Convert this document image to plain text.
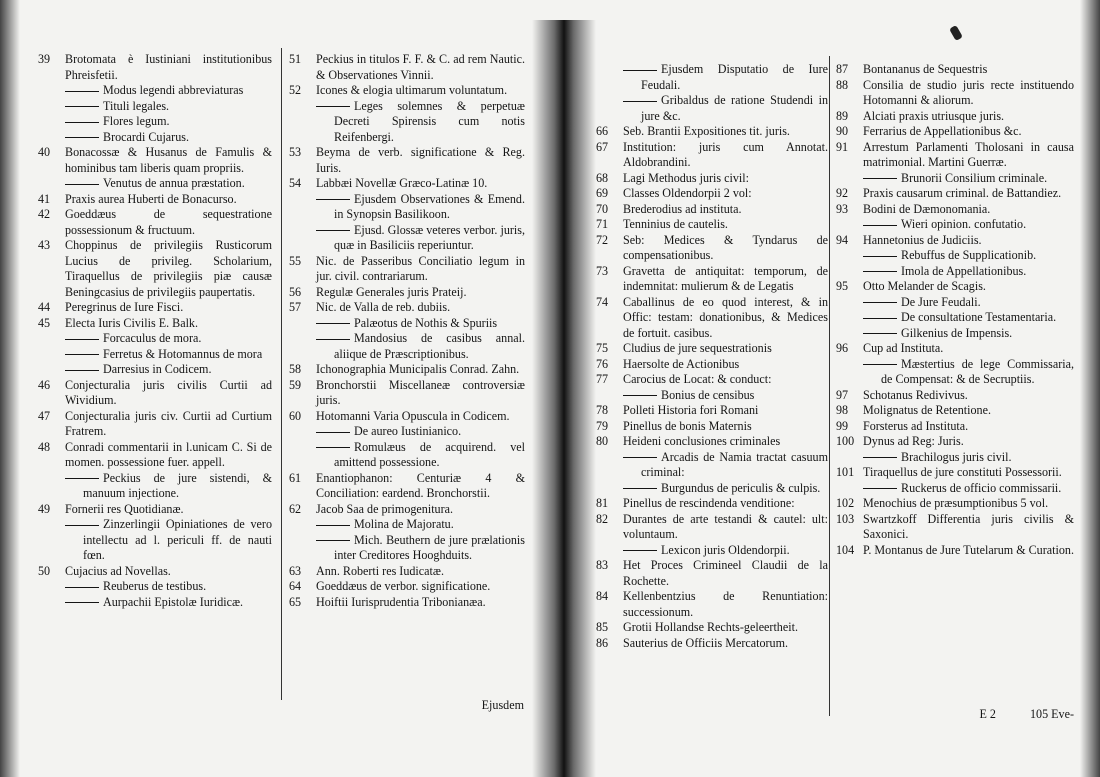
39	Brotomata è Iustiniani institutionibus Phreisfetii.

Modus legendi abbreviaturas

Tituli legales.

Flores legum.

Brocardi Cujarus.

40	Bonacossæ & Husanus de Famulis & hominibus tam liberis quam propriis.

Venutus de annua præstation.

41	Praxis aurea Huberti de Bonacurso.

42	Goeddæus de sequestratione possessionum & fructuum.

43	Choppinus de privilegiis Rusticorum Lucius de privileg. Scholarium, Tiraquellus de privilegiis piæ causæ Beningcasius de privilegiis paupertatis.

44	Peregrinus de Iure Fisci.

45	Electa Iuris Civilis E. Balk.

Forcaculus de mora.

Ferretus & Hotomannus de mora

Darresius in Codicem.

46	Conjecturalia juris civilis Curtii ad Wividium.

47	Conjecturalia juris civ. Curtii ad Curtium Fratrem.

48	Conradi commentarii in l.unicam C. Si de momen. possessione fuer. appell.

Peckius de jure sistendi, & manuum injectione.

49	Fornerii res Quotidianæ.

Zinzerlingii Opiniationes de vero intellectu ad l. periculi ff. de nauti fœn.

50	Cujacius ad Novellas.

Reuberus de testibus.

Aurpachii Epistolæ Iuridicæ.

51	Peckius in titulos F. F. & C. ad rem Nautic. & Observationes Vinnii.

52	Icones & elogia ultimarum voluntatum.

Leges solemnes & perpetuæ Decreti Spirensis cum notis Reifenbergi.

53	Beyma de verb. significatione & Reg. Iuris.

54	Labbæi Novellæ Græco-Latinæ 10.

Ejusdem Observationes & Emend. in Synopsin Basilikoon.

Ejusd. Glossæ veteres verbor. juris, quæ in Basiliciis reperiuntur.

55	Nic. de Passeribus Conciliatio legum in jur. civil. contrariarum.

56	Regulæ Generales juris Prateij.

57	Nic. de Valla de reb. dubiis.

Palæotus de Nothis & Spuriis

Mandosius de casibus annal. aliique de Præscriptionibus.

58	Ichonographia Municipalis Conrad. Zahn.

59	Bronchorstii Miscellaneæ controversiæ juris.

60	Hotomanni Varia Opuscula in Codicem.

De aureo Iustinianico.

Romulæus de acquirend. vel amittend possessione.

61	Enantiophanon: Centuriæ 4 & Conciliation: eardend. Bronchorstii.

62	Jacob Saa de primogenitura.

Molina de Majoratu.

Mich. Beuthern de jure prælationis inter Creditores Hooghduits.

63	Ann. Roberti res Iudicatæ.

64	Goeddæus de verbor. significatione.

65	Hoiftii Iurisprudentia Tribonianæa.

Ejusdem

Ejusdem Disputatio de Iure Feudali.

Gribaldus de ratione Studendi in jure &c.

66	Seb. Brantii Expositiones tit. juris.

67	Institution: juris cum Annotat. Aldobrandini.

68	Lagi Methodus juris civil:

69	Classes Oldendorpii 2 vol:

70	Brederodius ad instituta.

71	Tenninius de cautelis.

72	Seb: Medices & Tyndarus de compensationibus.

73	Gravetta de antiquitat: temporum, de indemnitat: mulierum & de Legatis

74	Caballinus de eo quod interest, & in Offic: testam: donationibus, & Medices de fortuit. casibus.

75	Cludius de jure sequestrationis

76	Haersolte de Actionibus

77	Carocius de Locat: & conduct:

Bonius de censibus

78	Polleti Historia fori Romani

79	Pinellus de bonis Maternis

80	Heideni conclusiones criminales

Arcadis de Namia tractat casuum criminal:

Burgundus de periculis & culpis.

81	Pinellus de rescindenda venditione:

82	Durantes de arte testandi & cautel: ult: voluntaum.

Lexicon juris Oldendorpii.

83	Het Proces Crimineel Claudii de la Rochette.

84	Kellenbentzius de Renuntiation: successionum.

85	Grotii Hollandse Rechts-geleertheit.

86	Sauterius de Officiis Mercatorum.

87	Bontananus de Sequestris

88	Consilia de studio juris recte instituendo Hotomanni & aliorum.

89	Alciati praxis utriusque juris.

90	Ferrarius de Appellationibus &c.

91	Arrestum Parlamenti Tholosani in causa matrimonial. Martini Guerræ.

Brunorii Consilium criminale.

92	Praxis causarum criminal. de Battandiez.

93	Bodini de Dæmonomania.

Wieri opinion. confutatio.

94	Hannetonius de Judiciis.

Rebuffus de Supplicationib.

Imola de Appellationibus.

95	Otto Melander de Scagis.

De Jure Feudali.

De consultatione Testamentaria.

Gilkenius de Impensis.

96	Cup ad Instituta.

Mæstertius de lege Commissaria, de Compensat: & de Secruptiis.

97	Schotanus Redivivus.

98	Molignatus de Retentione.

99	Forsterus ad Instituta.

100 Dynus ad Reg: Juris.

Brachilogus juris civil.

101 Tiraquellus de jure constituti Possessorii.

Ruckerus de officio commissarii.

102 Menochius de præsumptionibus 5 vol.

103 Swartzkoff Differentia juris civilis & Saxonici.

104 P. Montanus de Jure Tutelarum & Curation.

E 2	105 Eve-
